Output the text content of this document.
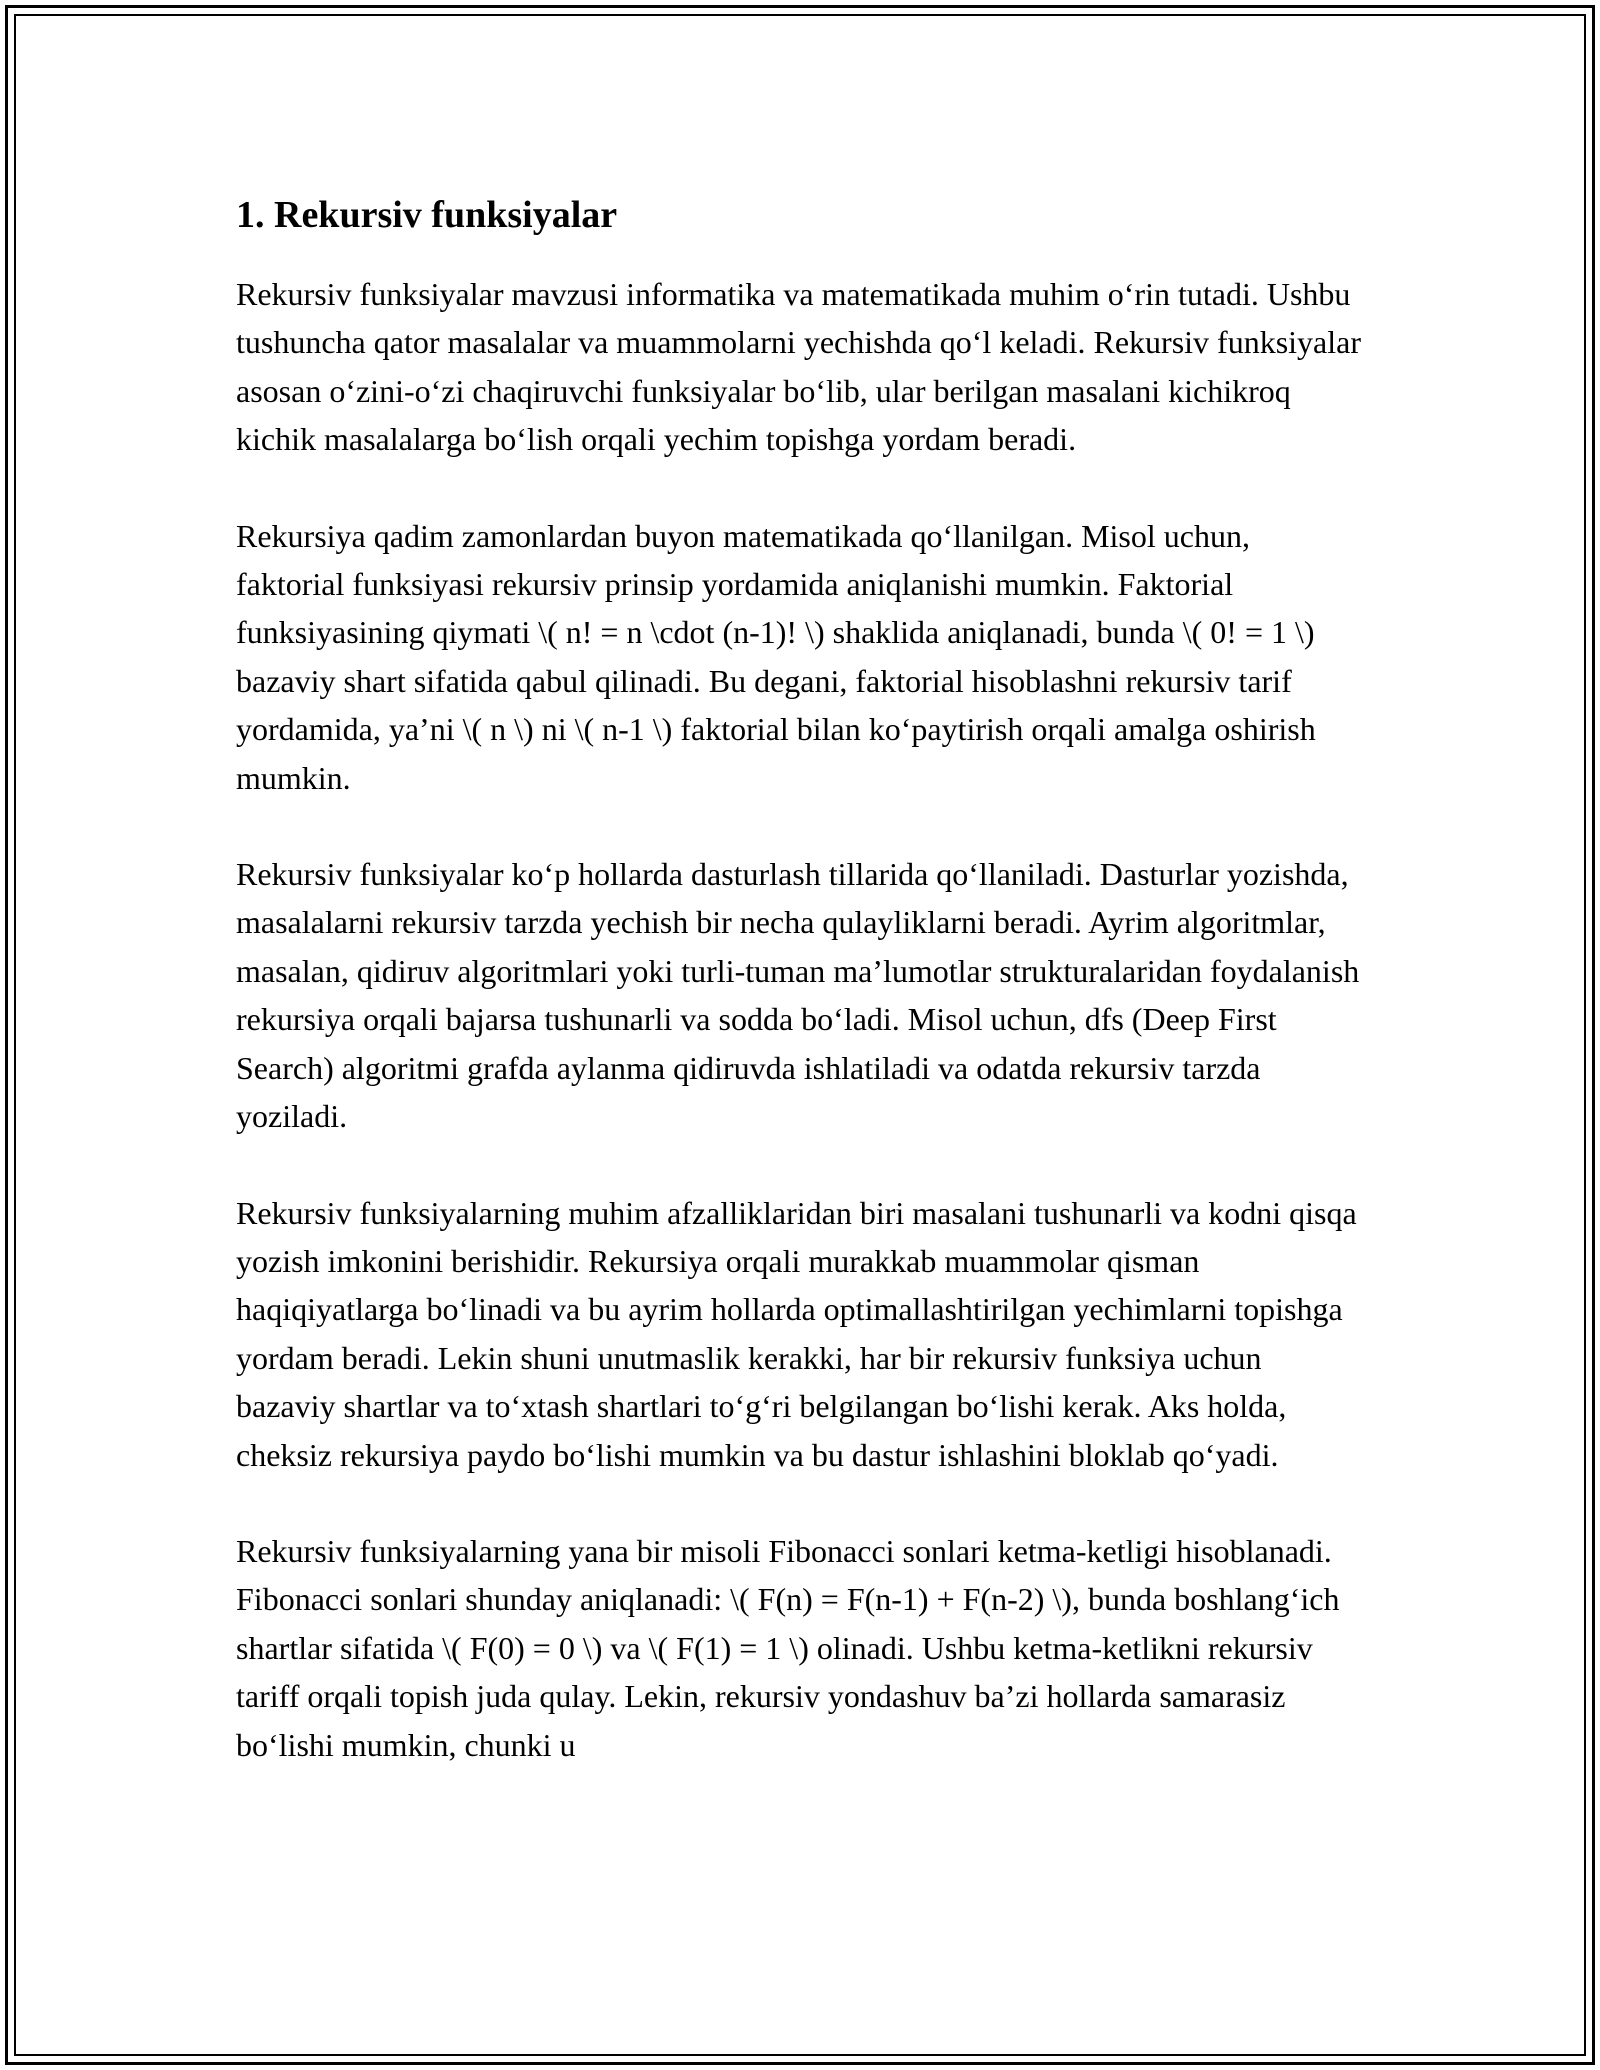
1. Rekursiv funksiyalar

Rekursiv funksiyalar mavzusi informatika va matematikada muhim o‘rin tutadi. Ushbu tushuncha qator masalalar va muammolarni yechishda qo‘l keladi. Rekursiv funksiyalar asosan o‘zini-o‘zi chaqiruvchi funksiyalar bo‘lib, ular berilgan masalani kichikroq kichik masalalarga bo‘lish orqali yechim topishga yordam beradi.

Rekursiya qadim zamonlardan buyon matematikada qo‘llanilgan. Misol uchun, faktorial funksiyasi rekursiv prinsip yordamida aniqlanishi mumkin. Faktorial funksiyasining qiymati \( n! = n \cdot (n-1)! \) shaklida aniqlanadi, bunda \( 0! = 1 \) bazaviy shart sifatida qabul qilinadi. Bu degani, faktorial hisoblashni rekursiv tarif yordamida, ya’ni \( n \) ni \( n-1 \) faktorial bilan ko‘paytirish orqali amalga oshirish mumkin.

Rekursiv funksiyalar ko‘p hollarda dasturlash tillarida qo‘llaniladi. Dasturlar yozishda, masalalarni rekursiv tarzda yechish bir necha qulayliklarni beradi. Ayrim algoritmlar, masalan, qidiruv algoritmlari yoki turli-tuman ma’lumotlar strukturalaridan foydalanish rekursiya orqali bajarsa tushunarli va sodda bo‘ladi. Misol uchun, dfs (Deep First Search) algoritmi grafda aylanma qidiruvda ishlatiladi va odatda rekursiv tarzda yoziladi.

Rekursiv funksiyalarning muhim afzalliklaridan biri masalani tushunarli va kodni qisqa yozish imkonini berishidir. Rekursiya orqali murakkab muammolar qisman haqiqiyatlarga bo‘linadi va bu ayrim hollarda optimallashtirilgan yechimlarni topishga yordam beradi. Lekin shuni unutmaslik kerakki, har bir rekursiv funksiya uchun bazaviy shartlar va to‘xtash shartlari to‘g‘ri belgilangan bo‘lishi kerak. Aks holda, cheksiz rekursiya paydo bo‘lishi mumkin va bu dastur ishlashini bloklab qo‘yadi.

Rekursiv funksiyalarning yana bir misoli Fibonacci sonlari ketma-ketligi hisoblanadi. Fibonacci sonlari shunday aniqlanadi: \( F(n) = F(n-1) + F(n-2) \), bunda boshlang‘ich shartlar sifatida \( F(0) = 0 \) va \( F(1) = 1 \) olinadi. Ushbu ketma-ketlikni rekursiv tariff orqali topish juda qulay. Lekin, rekursiv yondashuv ba’zi hollarda samarasiz bo‘lishi mumkin, chunki u
